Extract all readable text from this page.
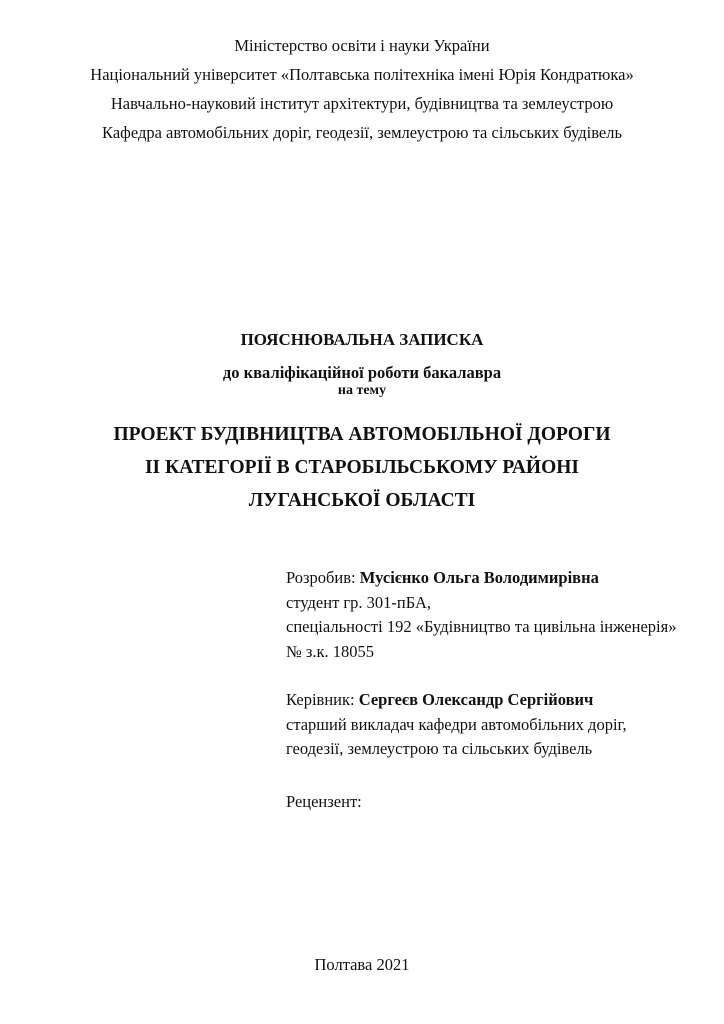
Міністерство освіти і науки України
Національний університет «Полтавська політехніка імені Юрія Кондратюка»
Навчально-науковий інститут архітектури, будівництва та землеустрою
Кафедра автомобільних доріг, геодезії, землеустрою та сільських будівель
ПОЯСНЮВАЛЬНА ЗАПИСКА
до кваліфікаційної роботи бакалавра
на тему
ПРОЕКТ БУДІВНИЦТВА АВТОМОБІЛЬНОЇ ДОРОГИ
ІІ КАТЕГОРІЇ В СТАРОБІЛЬСЬКОМУ РАЙОНІ
ЛУГАНСЬКОЇ ОБЛАСТІ
Розробив: Мусієнко Ольга Володимирівна
студент гр. 301-пБА,
спеціальності 192 «Будівництво та цивільна інженерія»
№ з.к. 18055
Керівник: Сергеєв Олександр Сергійович
старший викладач кафедри автомобільних доріг,
геодезії, землеустрою та сільських будівель
Рецензент:
Полтава 2021
